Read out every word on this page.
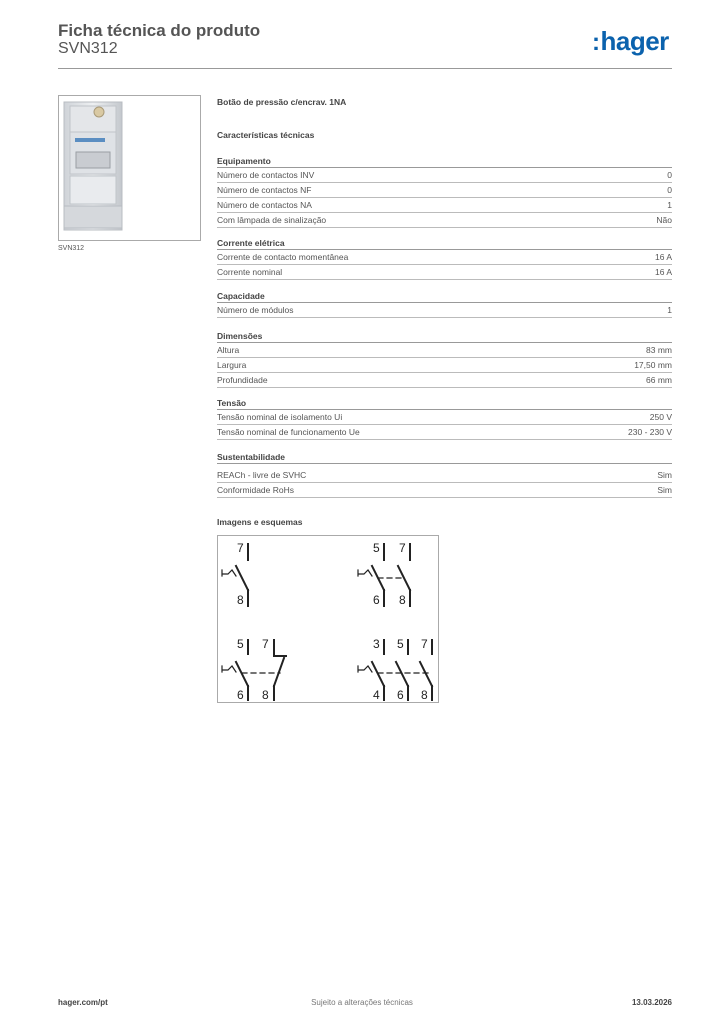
Ficha técnica do produto
SVN312	:hager
SVN312
Botão de pressão c/encrav. 1NA
Características técnicas
Equipamento
Número de contactos INV	0
Número de contactos NF	0
Número de contactos NA	1
Com lâmpada de sinalização	Não
Corrente elétrica
Corrente de contacto momentânea	16 A
Corrente nominal	16 A
Capacidade
Número de módulos	1
Dimensões
Altura	83 mm
Largura	17,50 mm
Profundidade	66 mm
Tensão
Tensão nominal de isolamento Ui	250 V
Tensão nominal de funcionamento Ue	230 - 230 V
Sustentabilidade
REACh - livre de SVHC	Sim
Conformidade RoHs	Sim
Imagens e esquemas
7
8
5 7
6 8
5 7
6 8
3 5 7
4 6 8
hager.com/pt	Sujeito a alterações técnicas	13.03.2026
